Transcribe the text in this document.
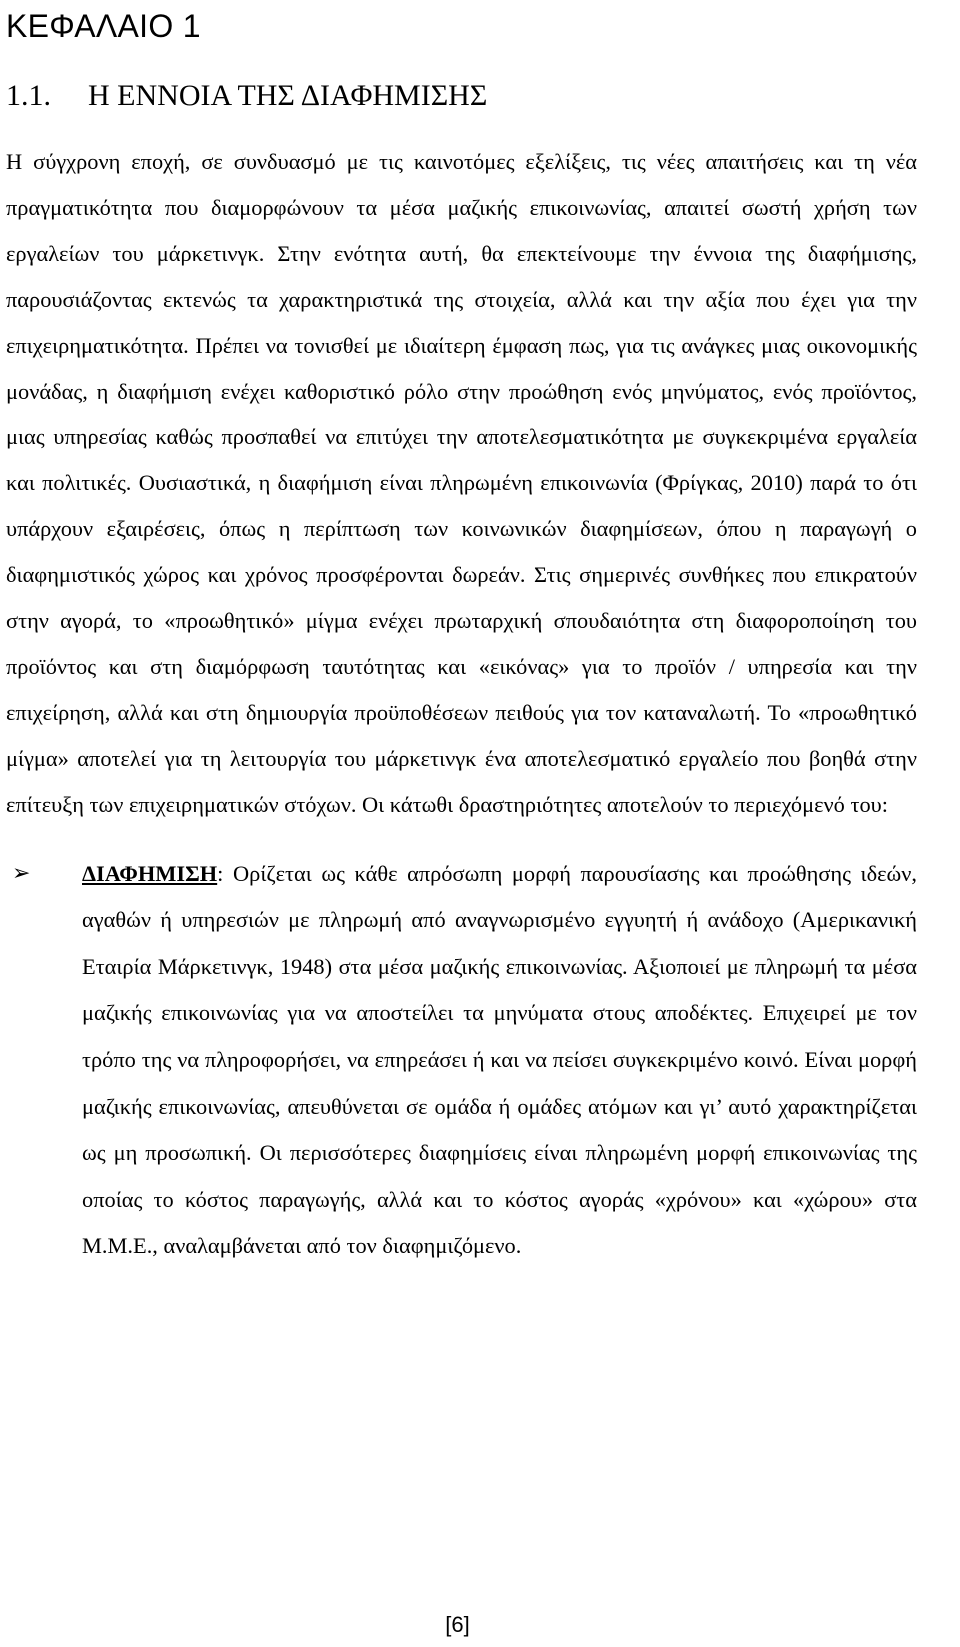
ΚΕΦΑΛΑΙΟ 1
1.1. Η ΕΝΝΟΙΑ ΤΗΣ ΔΙΑΦΗΜΙΣΗΣ

Η σύγχρονη εποχή, σε συνδυασμό με τις καινοτόμες εξελίξεις, τις νέες απαιτήσεις και τη νέα πραγματικότητα που διαμορφώνουν τα μέσα μαζικής επικοινωνίας, απαιτεί σωστή χρήση των εργαλείων του μάρκετινγκ. Στην ενότητα αυτή, θα επεκτείνουμε την έννοια της διαφήμισης, παρουσιάζοντας εκτενώς τα χαρακτηριστικά της στοιχεία, αλλά και την αξία που έχει για την επιχειρηματικότητα. Πρέπει να τονισθεί με ιδιαίτερη έμφαση πως, για τις ανάγκες μιας οικονομικής μονάδας, η διαφήμιση ενέχει καθοριστικό ρόλο στην προώθηση ενός μηνύματος, ενός προϊόντος, μιας υπηρεσίας καθώς προσπαθεί να επιτύχει την αποτελεσματικότητα με συγκεκριμένα εργαλεία και πολιτικές. Ουσιαστικά, η διαφήμιση είναι πληρωμένη επικοινωνία (Φρίγκας, 2010) παρά το ότι υπάρχουν εξαιρέσεις, όπως η περίπτωση των κοινωνικών διαφημίσεων, όπου η παραγωγή ο διαφημιστικός χώρος και χρόνος προσφέρονται δωρεάν. Στις σημερινές συνθήκες που επικρατούν στην αγορά, το «προωθητικό» μίγμα ενέχει πρωταρχική σπουδαιότητα στη διαφοροποίηση του προϊόντος και στη διαμόρφωση ταυτότητας και «εικόνας» για το προϊόν / υπηρεσία και την επιχείρηση, αλλά και στη δημιουργία προϋποθέσεων πειθούς για τον καταναλωτή. Το «προωθητικό μίγμα» αποτελεί για τη λειτουργία του μάρκετινγκ ένα αποτελεσματικό εργαλείο που βοηθά στην επίτευξη των επιχειρηματικών στόχων. Οι κάτωθι δραστηριότητες αποτελούν το περιεχόμενό του:

➢ ΔΙΑΦΗΜΙΣΗ: Ορίζεται ως κάθε απρόσωπη μορφή παρουσίασης και προώθησης ιδεών, αγαθών ή υπηρεσιών με πληρωμή από αναγνωρισμένο εγγυητή ή ανάδοχο (Αμερικανική Εταιρία Μάρκετινγκ, 1948) στα μέσα μαζικής επικοινωνίας. Αξιοποιεί με πληρωμή τα μέσα μαζικής επικοινωνίας για να αποστείλει τα μηνύματα στους αποδέκτες. Επιχειρεί με τον τρόπο της να πληροφορήσει, να επηρεάσει ή και να πείσει συγκεκριμένο κοινό. Είναι μορφή μαζικής επικοινωνίας, απευθύνεται σε ομάδα ή ομάδες ατόμων και γι’ αυτό χαρακτηρίζεται ως μη προσωπική. Οι περισσότερες διαφημίσεις είναι πληρωμένη μορφή επικοινωνίας της οποίας το κόστος παραγωγής, αλλά και το κόστος αγοράς «χρόνου» και «χώρου» στα Μ.Μ.Ε., αναλαμβάνεται από τον διαφημιζόμενο.
[6]
